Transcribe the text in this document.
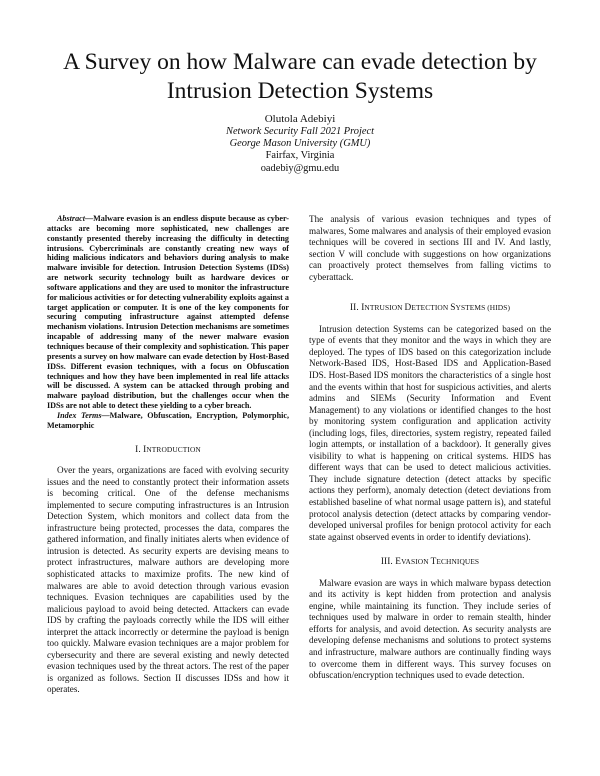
A Survey on how Malware can evade detection by Intrusion Detection Systems
Olutola Adebiyi
Network Security Fall 2021 Project
George Mason University (GMU)
Fairfax, Virginia
oadebiy@gmu.edu

Abstract—Malware evasion is an endless dispute because as cyber-attacks are becoming more sophisticated, new challenges are constantly presented thereby increasing the difficulty in detecting intrusions. Cybercriminals are constantly creating new ways of hiding malicious indicators and behaviors during analysis to make malware invisible for detection. Intrusion Detection Systems (IDSs) are network security technology built as hardware devices or software applications and they are used to monitor the infrastructure for malicious activities or for detecting vulnerability exploits against a target application or computer. It is one of the key components for securing computing infrastructure against attempted defense mechanism violations. Intrusion Detection mechanisms are sometimes incapable of addressing many of the newer malware evasion techniques because of their complexity and sophistication. This paper presents a survey on how malware can evade detection by Host-Based IDSs. Different evasion techniques, with a focus on Obfuscation techniques and how they have been implemented in real life attacks will be discussed. A system can be attacked through probing and malware payload distribution, but the challenges occur when the IDSs are not able to detect these yielding to a cyber breach.

Index Terms—Malware, Obfuscation, Encryption, Polymorphic, Metamorphic

I. INTRODUCTION

Over the years, organizations are faced with evolving security issues and the need to constantly protect their information assets is becoming critical. One of the defense mechanisms implemented to secure computing infrastructures is an Intrusion Detection System, which monitors and collect data from the infrastructure being protected, processes the data, compares the gathered information, and finally initiates alerts when evidence of intrusion is detected. As security experts are devising means to protect infrastructures, malware authors are developing more sophisticated attacks to maximize profits. The new kind of malwares are able to avoid detection through various evasion techniques. Evasion techniques are capabilities used by the malicious payload to avoid being detected. Attackers can evade IDS by crafting the payloads correctly while the IDS will either interpret the attack incorrectly or determine the payload is benign too quickly. Malware evasion techniques are a major problem for cybersecurity and there are several existing and newly detected evasion techniques used by the threat actors. The rest of the paper is organized as follows. Section II discusses IDSs and how it operates.

The analysis of various evasion techniques and types of malwares, Some malwares and analysis of their employed evasion techniques will be covered in sections III and IV. And lastly, section V will conclude with suggestions on how organizations can proactively protect themselves from falling victims to cyberattack.

II. INTRUSION DETECTION SYSTEMS (HIDS)

Intrusion detection Systems can be categorized based on the type of events that they monitor and the ways in which they are deployed. The types of IDS based on this categorization include Network-Based IDS, Host-Based IDS and Application-Based IDS. Host-Based IDS monitors the characteristics of a single host and the events within that host for suspicious activities, and alerts admins and SIEMs (Security Information and Event Management) to any violations or identified changes to the host by monitoring system configuration and application activity (including logs, files, directories, system registry, repeated failed login attempts, or installation of a backdoor). It generally gives visibility to what is happening on critical systems. HIDS has different ways that can be used to detect malicious activities. They include signature detection (detect attacks by specific actions they perform), anomaly detection (detect deviations from established baseline of what normal usage pattern is), and stateful protocol analysis detection (detect attacks by comparing vendor-developed universal profiles for benign protocol activity for each state against observed events in order to identify deviations).

III. EVASION TECHNIQUES

Malware evasion are ways in which malware bypass detection and its activity is kept hidden from protection and analysis engine, while maintaining its function. They include series of techniques used by malware in order to remain stealth, hinder efforts for analysis, and avoid detection. As security analysts are developing defense mechanisms and solutions to protect systems and infrastructure, malware authors are continually finding ways to overcome them in different ways. This survey focuses on obfuscation/encryption techniques used to evade detection.
